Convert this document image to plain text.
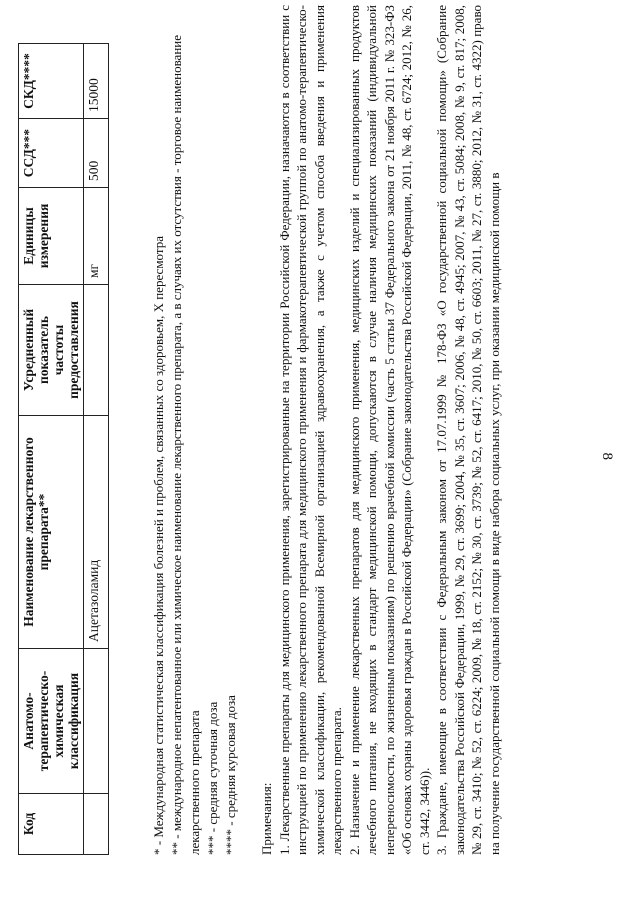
8
Код	Анатомо-терапевтическо-химическая классификация	Наименование лекарственного препарата**	Усредненный показатель частоты предоставления	Единицы измерения	ССД***	СКД****
		Ацетазоламид		мг	500	15000

* - Международная статистическая классификация болезней и проблем, связанных со здоровьем, X пересмотра ** - международное непатентованное или химическое наименование лекарственного препарата, а в случаях их отсутствия - торговое наименование лекарственного препарата *** - средняя суточная доза **** - средняя курсовая доза Примечания: 1. Лекарственные препараты для медицинского применения, зарегистрированные на территории Российской Федерации, назначаются в соответствии с инструкцией по применению лекарственного препарата для медицинского применения и фармакотерапевтической группой по анатомо-терапевтическо-химической классификации, рекомендованной Всемирной организацией здравоохранения, а также с учетом способа введения и применения лекарственного препарата. 2. Назначение и применение лекарственных препаратов для медицинского применения, медицинских изделий и специализированных продуктов лечебного питания, не входящих в стандарт медицинской помощи, допускаются в случае наличия медицинских показаний (индивидуальной непереносимости, по жизненным показаниям) по решению врачебной комиссии (часть 5 статьи 37 Федерального закона от 21 ноября 2011 г. № 323-ФЗ «Об основах охраны здоровья граждан в Российской Федерации» (Собрание законодательства Российской Федерации, 2011, № 48, ст. 6724; 2012, № 26, ст. 3442, 3446)). 3. Граждане, имеющие в соответствии с Федеральным законом от 17.07.1999 № 178-ФЗ «О государственной социальной помощи» (Собрание законодательства Российской Федерации, 1999, № 29, ст. 3699; 2004, № 35, ст. 3607; 2006, № 48, ст. 4945; 2007, № 43, ст. 5084; 2008, № 9, ст. 817; 2008, № 29, ст. 3410; № 52, ст. 6224; 2009, № 18, ст. 2152; № 30, ст. 3739; № 52, ст. 6417; 2010, № 50, ст. 6603; 2011, № 27, ст. 3880; 2012, № 31, ст. 4322) право на получение государственной социальной помощи в виде набора социальных услуг, при оказании медицинской помощи в
